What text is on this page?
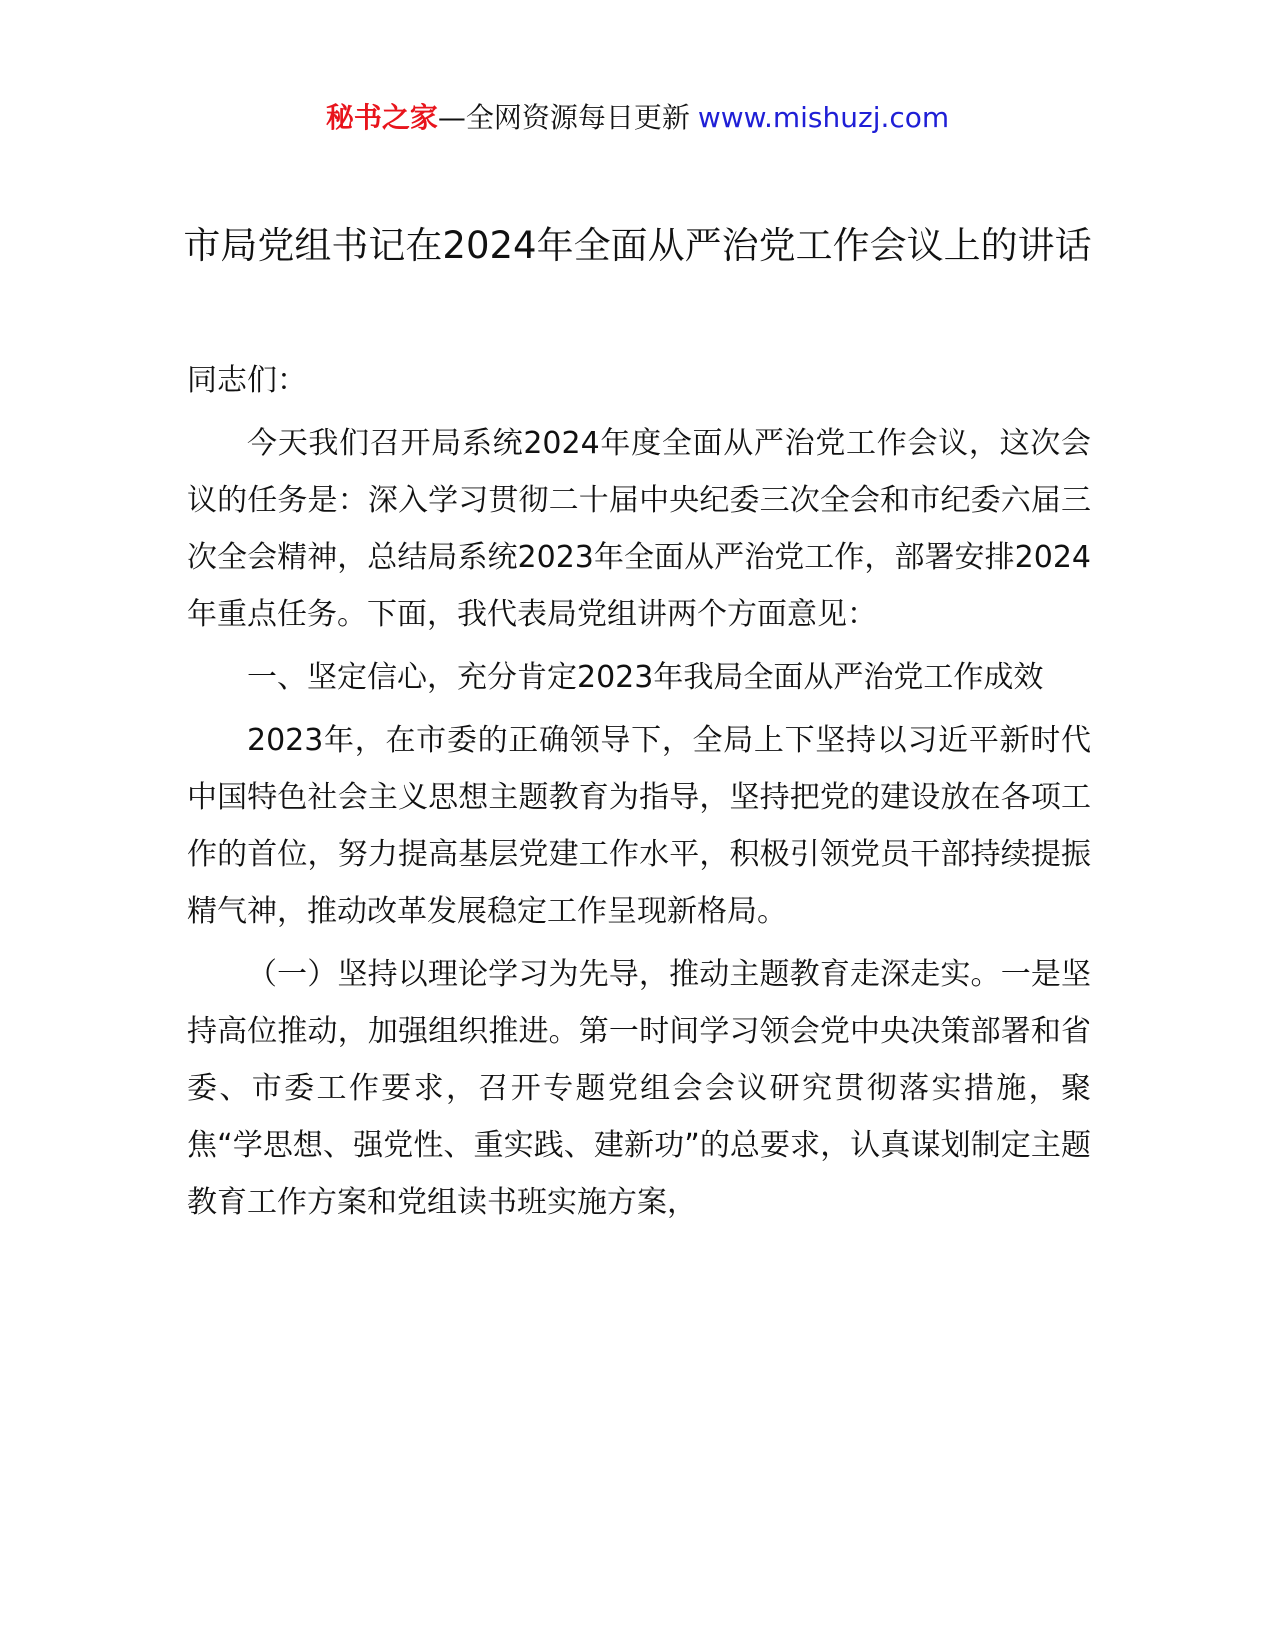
秘书之家—全网资源每日更新 www.mishuzj.com
市局党组书记在2024年全面从严治党工作会议上的讲话

同志们：

今天我们召开局系统2024年度全面从严治党工作会议，这次会议的任务是：深入学习贯彻二十届中央纪委三次全会和市纪委六届三次全会精神，总结局系统2023年全面从严治党工作，部署安排2024年重点任务。下面，我代表局党组讲两个方面意见：

一、坚定信心，充分肯定2023年我局全面从严治党工作成效

2023年，在市委的正确领导下，全局上下坚持以习近平新时代中国特色社会主义思想主题教育为指导，坚持把党的建设放在各项工作的首位，努力提高基层党建工作水平，积极引领党员干部持续提振精气神，推动改革发展稳定工作呈现新格局。

（一）坚持以理论学习为先导，推动主题教育走深走实。一是坚持高位推动，加强组织推进。第一时间学习领会党中央决策部署和省委、市委工作要求，召开专题党组会会议研究贯彻落实措施，聚焦“学思想、强党性、重实践、建新功”的总要求，认真谋划制定主题教育工作方案和党组读书班实施方案，
